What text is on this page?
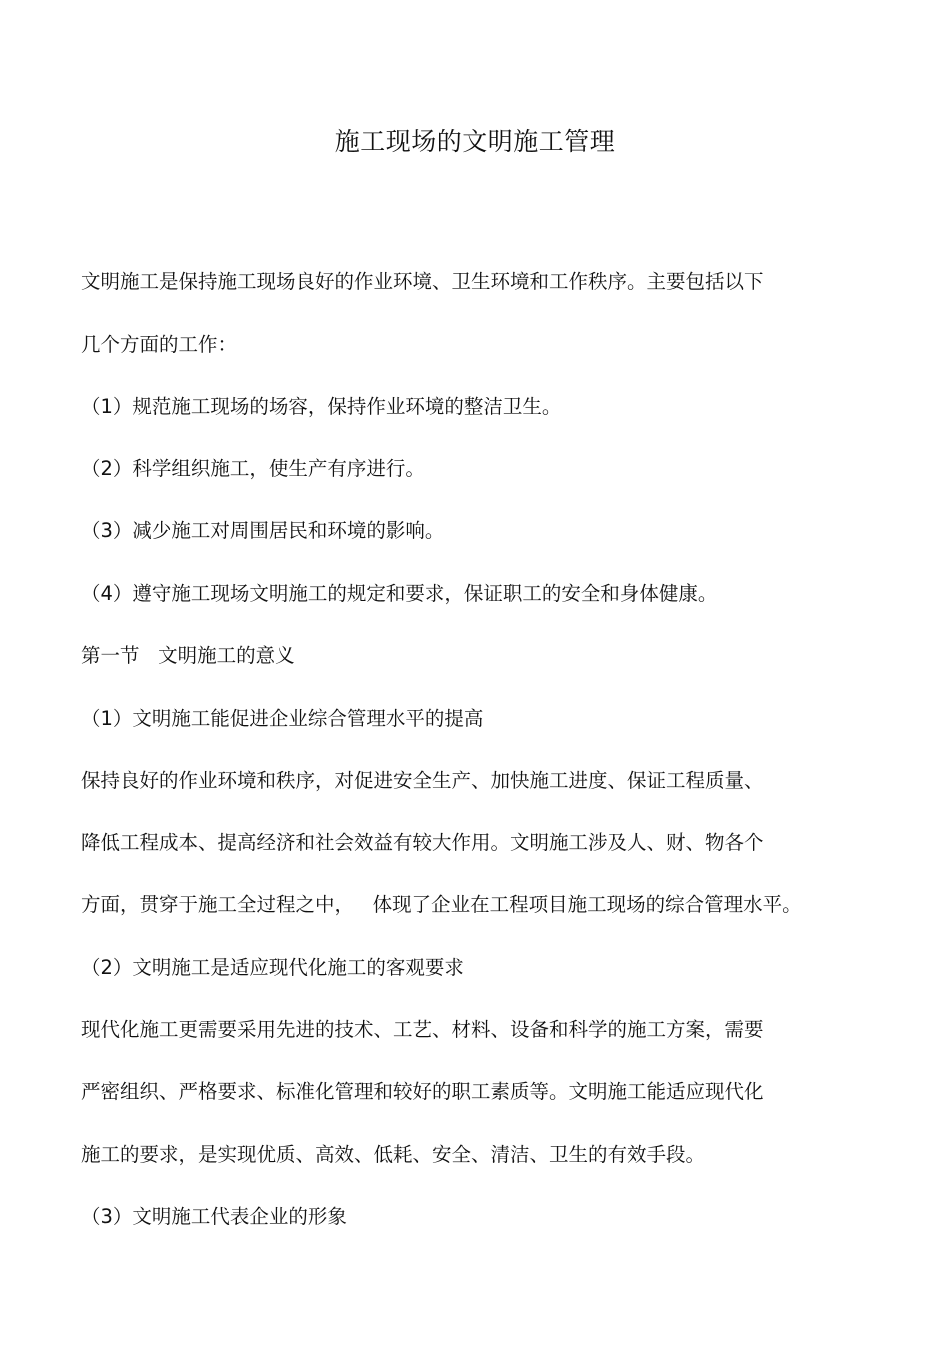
施工现场的文明施工管理
文明施工是保持施工现场良好的作业环境、卫生环境和工作秩序。主要包括以下
几个方面的工作：
（1）规范施工现场的场容，保持作业环境的整洁卫生。
（2）科学组织施工，使生产有序进行。
（3）减少施工对周围居民和环境的影响。
（4）遵守施工现场文明施工的规定和要求，保证职工的安全和身体健康。
第一节   文明施工的意义
（1）文明施工能促进企业综合管理水平的提高
保持良好的作业环境和秩序，对促进安全生产、加快施工进度、保证工程质量、
降低工程成本、提高经济和社会效益有较大作用。文明施工涉及人、财、物各个
方面，贯穿于施工全过程之中，   体现了企业在工程项目施工现场的综合管理水平。
（2）文明施工是适应现代化施工的客观要求
现代化施工更需要采用先进的技术、工艺、材料、设备和科学的施工方案，需要
严密组织、严格要求、标准化管理和较好的职工素质等。文明施工能适应现代化
施工的要求，是实现优质、高效、低耗、安全、清洁、卫生的有效手段。
（3）文明施工代表企业的形象
